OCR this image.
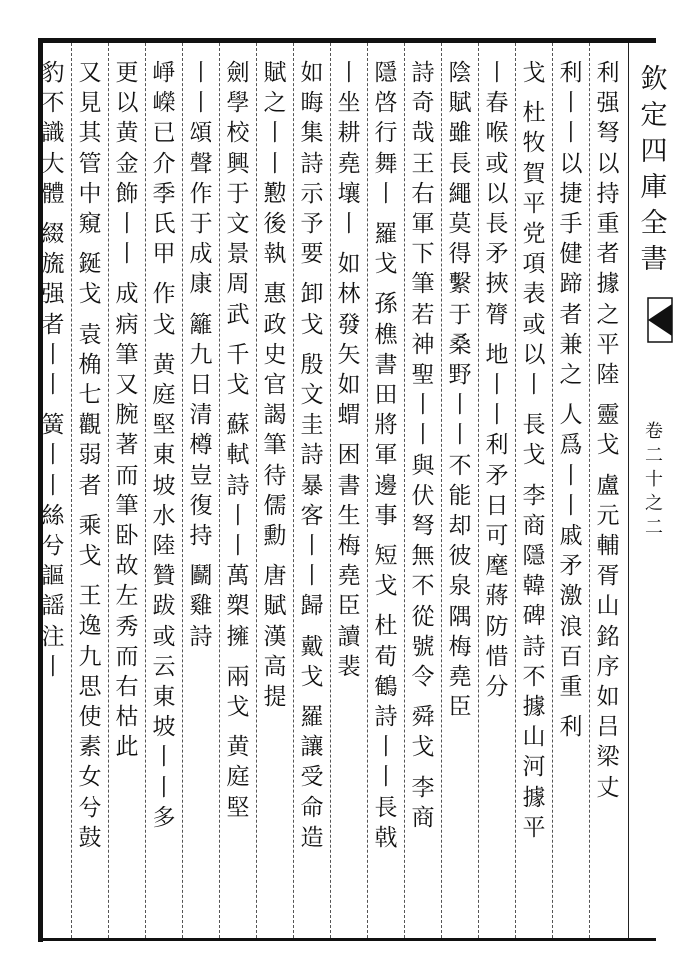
欽
定
四
庫
全
書
卷
二
十
之
二
利
强
弩
以
持
重
者
據
之
平
陸

靈
戈

盧
元
輔
胥
山
銘
序
如
吕
梁
丈
利
丨
丨
以
捷
手
健
蹄
者
兼
之

人
爲
丨
丨
戚
矛
激
浪
百
重

利
戈

杜
牧
賀
平
党
項
表
或
以
丨

長
戈

李
商
隱
韓
碑
詩
不
據
山
河
據
平
丨
春
喉
或
以
長
矛
挾
膂

地
丨
丨
利
矛
日
可
麾
蔣
防
惜
分
陰
賦
雖
長
繩
莫
得
繫
于
桑
野
丨
丨
不
能
却
彼
泉
隅
梅
堯
臣
詩
奇
哉
王
右
軍
下
筆
若
神
聖
丨
丨
與
伏
弩
無
不
從
號
令

舜
戈

李
商
隱
啓
行
舞
丨

羅
戈

孫
樵
書
田
將
軍
邊
事

短
戈

杜
荀
鶴
詩
丨
丨
長
戟
丨
坐
耕
堯
壤
丨

如
林
發
矢
如
蝟

困
書
生
梅
堯
臣
讀
裴
如
晦
集
詩
示
予
要

卸
戈

殷
文
圭
詩
暴
客
丨
丨
歸

戴
戈

羅
讓
受
命
造
賦
之
丨
丨
懃
後
執

惠
政
史
官
謁
筆
待
儒
勳

唐
賦
漢
高
提
劍
學
校
興
于
文
景
周
武

千
戈

蘇
軾
詩
丨
丨
萬
槊
擁

兩
戈

黄
庭
堅
丨
丨
頌
聲
作
于
成
康

籬
九
日
清
樽
豈
復
持

鬬
雞
詩
崢
嶸
已
介
季
氏
甲

作
戈

黄
庭
堅
東
坡
水
陸
贊
跋
或
云
東
坡
丨
丨
多
更
以
黄
金
飾
丨
丨

成
病
筆
又
腕
著
而
筆
卧
故
左
秀
而
右
枯
此
又
見
其
管
中
窺

鋋
戈

袁
桷
七
觀
弱
者

乘
戈

王
逸
九
思
使
素
女
兮
鼓
豹
不
識
大
體

綴
旒
强
者
丨
丨

簧
丨
丨
絲
兮
謳
謡
注
丨
